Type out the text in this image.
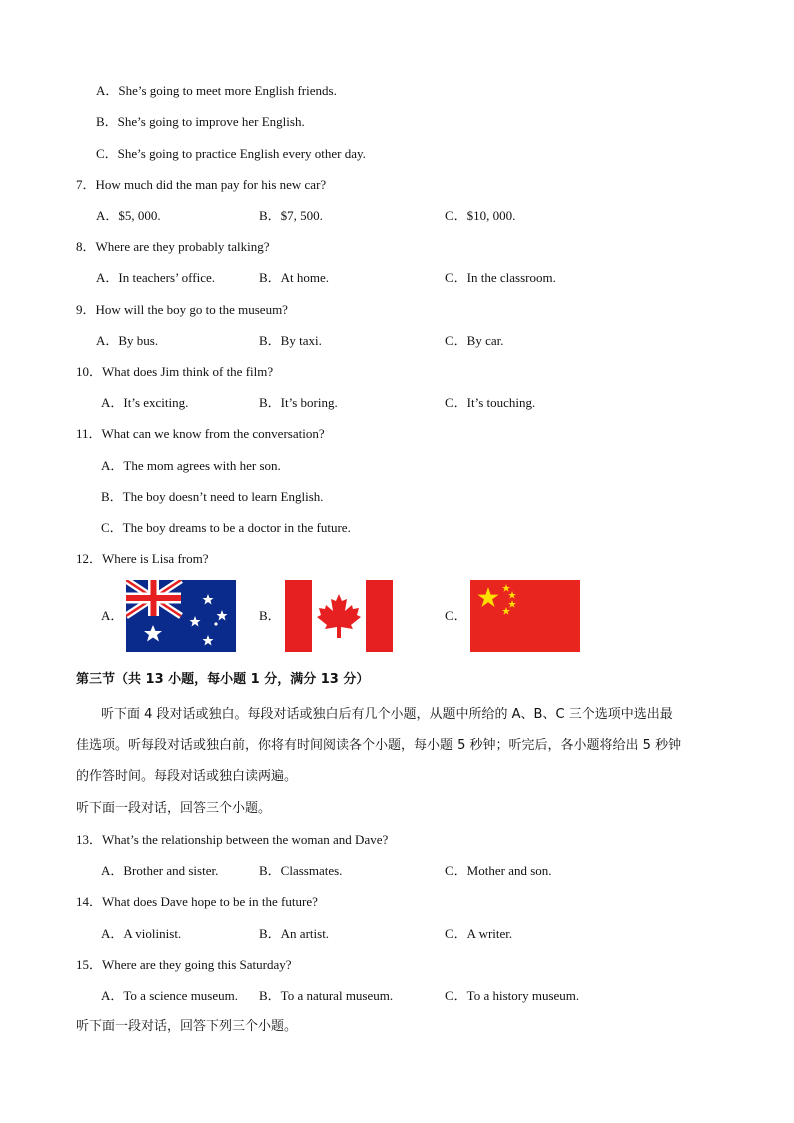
A．She’s going to meet more English friends.
B．She’s going to improve her English.
C．She’s going to practice English every other day.
7．How much did the man pay for his new car?
A．$5, 000.	B．$7, 500.	C．$10, 000.
8．Where are they probably talking?
A．In teachers’ office.	B．At home.	C．In the classroom.
9．How will the boy go to the museum?
A．By bus.	B．By taxi.	C．By car.
10．What does Jim think of the film?
A．It’s exciting.	B．It’s boring.	C．It’s touching.
11．What can we know from the conversation?
A．The mom agrees with her son.
B．The boy doesn’t need to learn English.
C．The boy dreams to be a doctor in the future.
12．Where is Lisa from?
A．	B．	C．
第三节（共 13 小题，每小题 1 分，满分 13 分）
听下面 4 段对话或独白。每段对话或独白后有几个小题，从题中所给的 A、B、C 三个选项中选出最
佳选项。听每段对话或独白前，你将有时间阅读各个小题，每小题 5 秒钟；听完后，各小题将给出 5 秒钟
的作答时间。每段对话或独白读两遍。
听下面一段对话，回答三个小题。
13．What’s the relationship between the woman and Dave?
A．Brother and sister.	B．Classmates.	C．Mother and son.
14．What does Dave hope to be in the future?
A．A violinist.	B．An artist.	C．A writer.
15．Where are they going this Saturday?
A．To a science museum. B．To a natural museum.	C．To a history museum.
听下面一段对话，回答下列三个小题。
